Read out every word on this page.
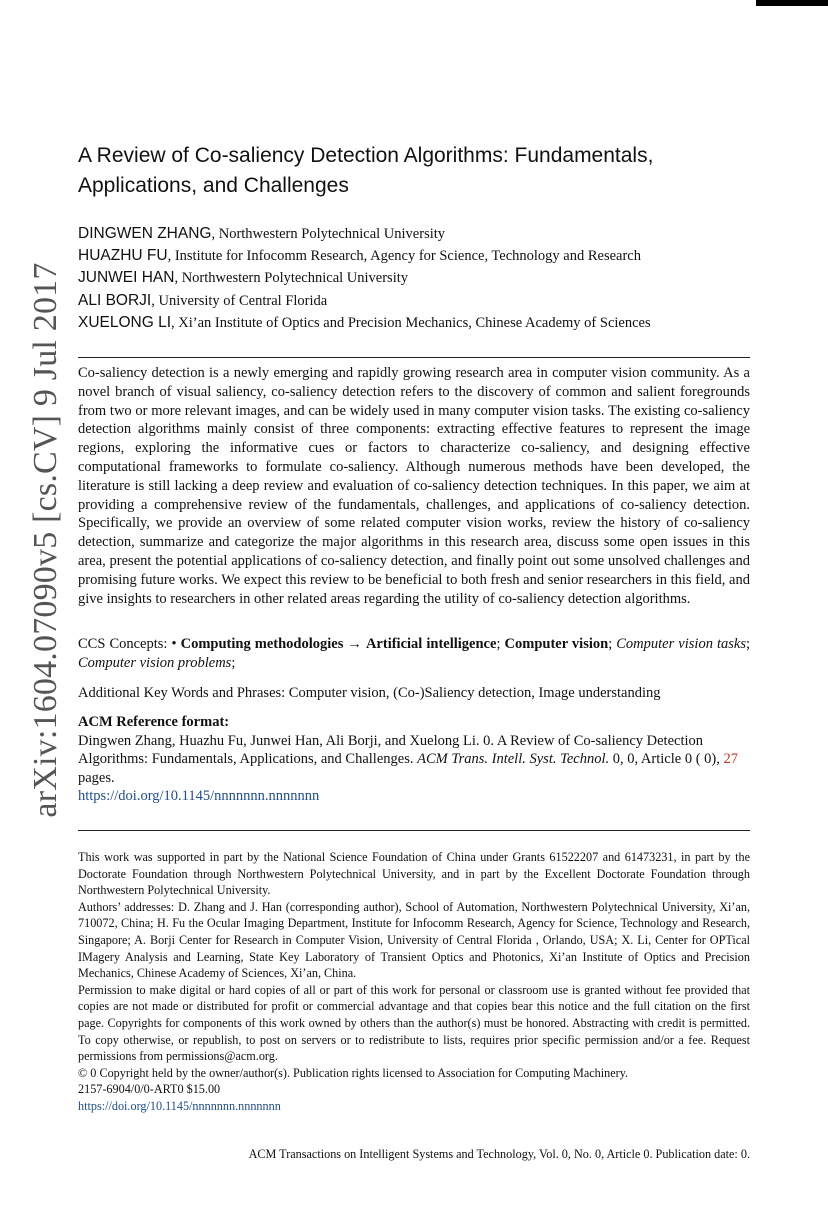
arXiv:1604.07090v5 [cs.CV] 9 Jul 2017
A Review of Co-saliency Detection Algorithms: Fundamentals, Applications, and Challenges
DINGWEN ZHANG, Northwestern Polytechnical University
HUAZHU FU, Institute for Infocomm Research, Agency for Science, Technology and Research
JUNWEI HAN, Northwestern Polytechnical University
ALI BORJI, University of Central Florida
XUELONG LI, Xi’an Institute of Optics and Precision Mechanics, Chinese Academy of Sciences

Co-saliency detection is a newly emerging and rapidly growing research area in computer vision community. As a novel branch of visual saliency, co-saliency detection refers to the discovery of common and salient foregrounds from two or more relevant images, and can be widely used in many computer vision tasks. The existing co-saliency detection algorithms mainly consist of three components: extracting effective features to represent the image regions, exploring the informative cues or factors to characterize co-saliency, and designing effective computational frameworks to formulate co-saliency. Although numerous methods have been developed, the literature is still lacking a deep review and evaluation of co-saliency detection techniques. In this paper, we aim at providing a comprehensive review of the fundamentals, challenges, and applications of co-saliency detection. Specifically, we provide an overview of some related computer vision works, review the history of co-saliency detection, summarize and categorize the major algorithms in this research area, discuss some open issues in this area, present the potential applications of co-saliency detection, and finally point out some unsolved challenges and promising future works. We expect this review to be beneficial to both fresh and senior researchers in this field, and give insights to researchers in other related areas regarding the utility of co-saliency detection algorithms.

CCS Concepts: • Computing methodologies → Artificial intelligence; Computer vision; Computer vision tasks; Computer vision problems;

Additional Key Words and Phrases: Computer vision, (Co-)Saliency detection, Image understanding

ACM Reference format:
Dingwen Zhang, Huazhu Fu, Junwei Han, Ali Borji, and Xuelong Li. 0. A Review of Co-saliency Detection Algorithms: Fundamentals, Applications, and Challenges. ACM Trans. Intell. Syst. Technol. 0, 0, Article 0 ( 0), 27 pages.
https://doi.org/10.1145/nnnnnnn.nnnnnnn

This work was supported in part by the National Science Foundation of China under Grants 61522207 and 61473231, in part by the Doctorate Foundation through Northwestern Polytechnical University, and in part by the Excellent Doctorate Foundation through Northwestern Polytechnical University.

Authors’ addresses: D. Zhang and J. Han (corresponding author), School of Automation, Northwestern Polytechnical University, Xi’an, 710072, China; H. Fu the Ocular Imaging Department, Institute for Infocomm Research, Agency for Science, Technology and Research, Singapore; A. Borji Center for Research in Computer Vision, University of Central Florida , Orlando, USA; X. Li, Center for OPTical IMagery Analysis and Learning, State Key Laboratory of Transient Optics and Photonics, Xi’an Institute of Optics and Precision Mechanics, Chinese Academy of Sciences, Xi’an, China.

Permission to make digital or hard copies of all or part of this work for personal or classroom use is granted without fee provided that copies are not made or distributed for profit or commercial advantage and that copies bear this notice and the full citation on the first page. Copyrights for components of this work owned by others than the author(s) must be honored. Abstracting with credit is permitted. To copy otherwise, or republish, to post on servers or to redistribute to lists, requires prior specific permission and/or a fee. Request permissions from permissions@acm.org.

© 0 Copyright held by the owner/author(s). Publication rights licensed to Association for Computing Machinery.

2157-6904/0/0-ART0 $15.00

https://doi.org/10.1145/nnnnnnn.nnnnnnn

ACM Transactions on Intelligent Systems and Technology, Vol. 0, No. 0, Article 0. Publication date: 0.
